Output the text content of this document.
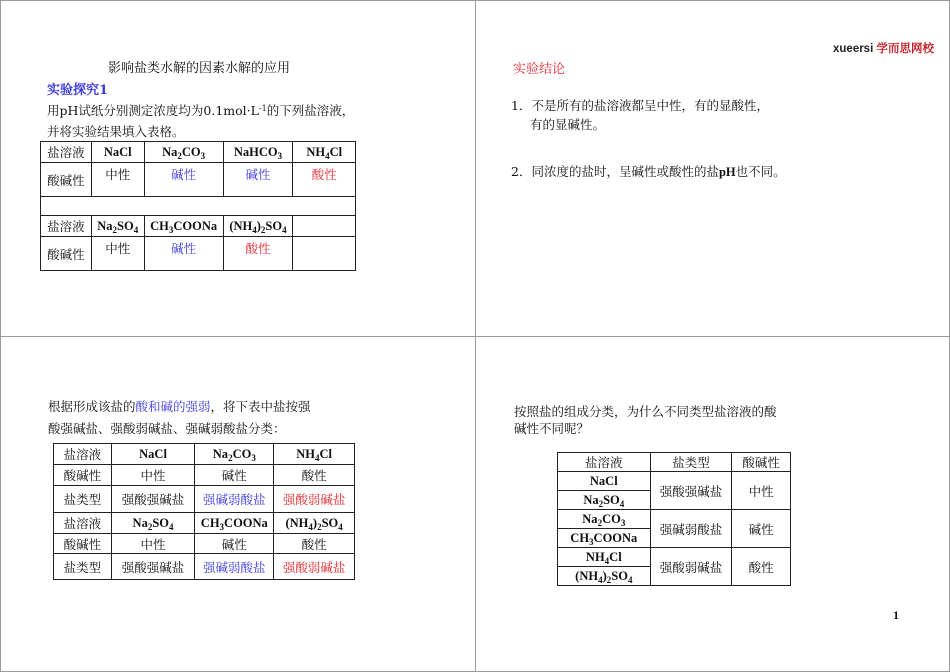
影响盐类水解的因素水解的应用
实验探究1
用pH试纸分别测定浓度均为$0.1mol\cdot L^{-1}$的下列盐溶液，
并将实验结果填入表格。
盐溶液	NaCl	$Na_2CO_3$	NaHCO$_3$	$NH_4Cl$
酸碱性	中性	碱性	碱性	酸性

盐溶液	$Na_2SO_4$	$CH_3COONa$	$(NH_4)_2SO_4$	
酸碱性	中性	碱性	酸性	
xueersi 学而思网校
实验结论
1．不是所有的盐溶液都呈中性，有的显酸性，
有的显碱性。
2．同浓度的盐时，呈碱性或酸性的盐pH也不同。
根据形成该盐的酸和碱的强弱，将下表中盐按强
酸强碱盐、强酸弱碱盐、强碱弱酸盐分类：
盐溶液	NaCl	$Na_2CO_3$	$NH_4Cl$
酸碱性	中性	碱性	酸性
盐类型	强酸强碱盐	强碱弱酸盐	强酸弱碱盐
盐溶液	$Na_2SO_4$	$CH_3COONa$	$(NH_4)_2SO_4$
酸碱性	中性	碱性	酸性
盐类型	强酸强碱盐	强碱弱酸盐	强酸弱碱盐
按照盐的组成分类，为什么不同类型盐溶液的酸
碱性不同呢？
盐溶液	盐类型	酸碱性
NaCl	强酸强碱盐	中性
$Na_2SO_4$
$Na_2CO_3$	强碱弱酸盐	碱性
$CH_3COONa$		
$NH_4Cl$	强酸弱碱盐	酸性
$(NH_4)_2SO_4$
1
